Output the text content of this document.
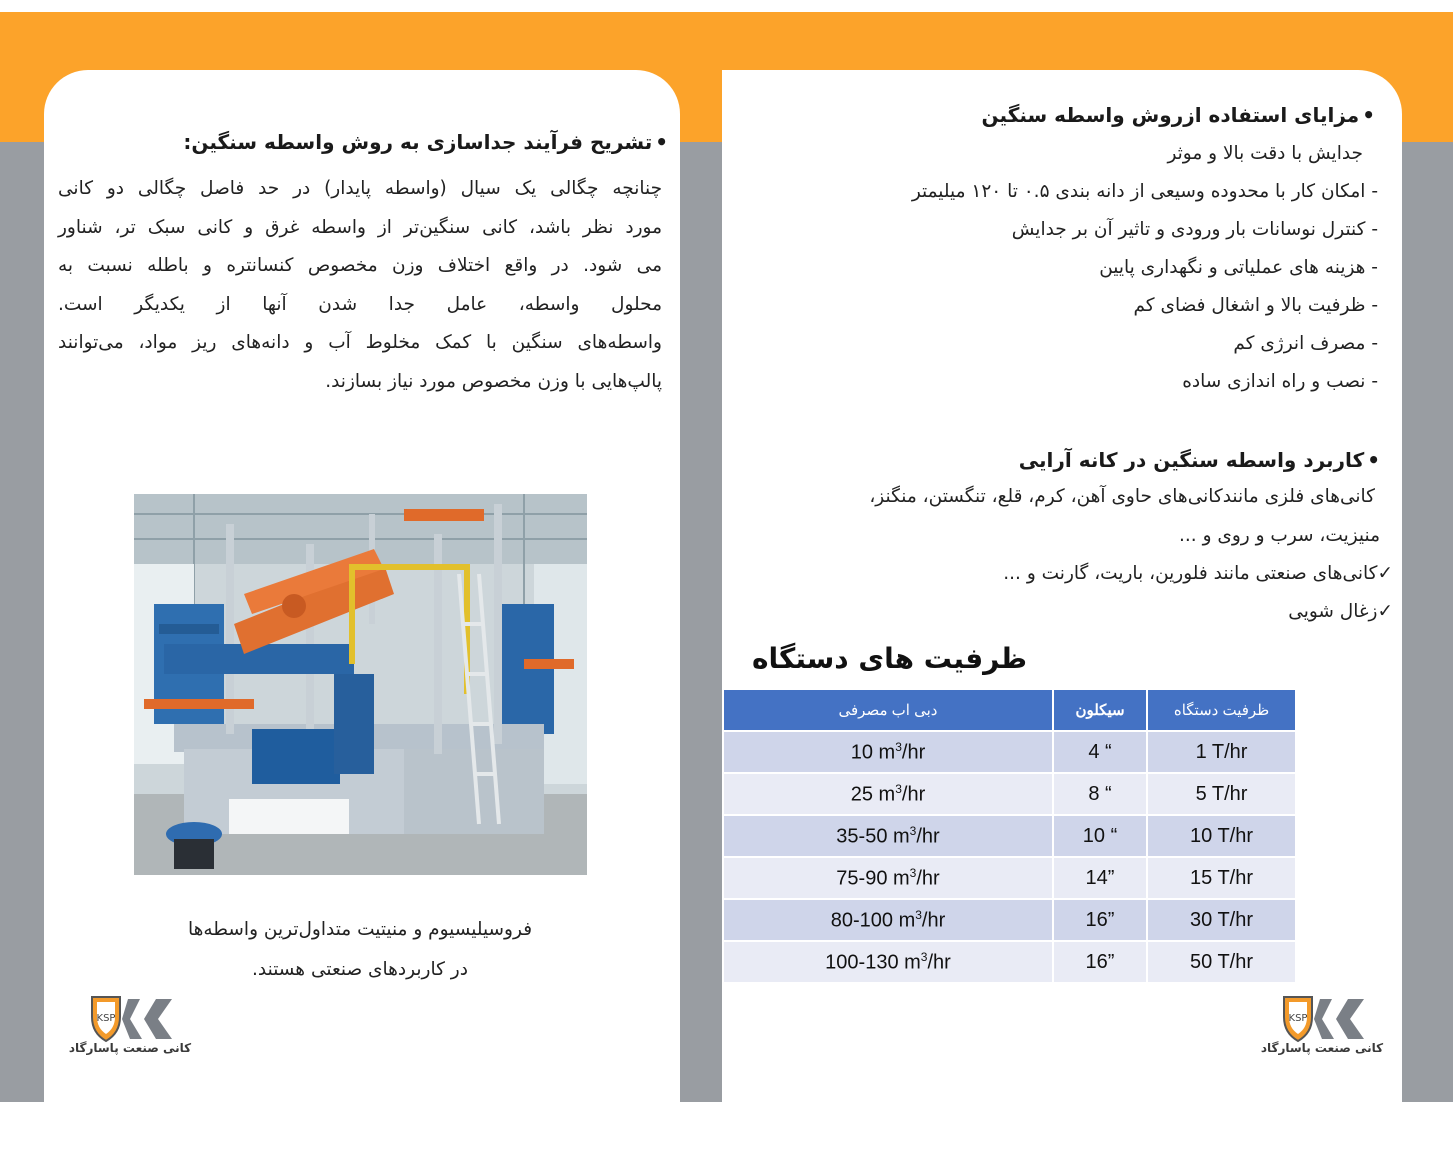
• تشریح فرآیند جداسازی به روش واسطه سنگین:
چنانچه چگالی یک سیال (واسطه پایدار) در حد فاصل چگالی دو کانی
مورد نظر باشد، کانی سنگین‌تر از واسطه غرق و کانی سبک تر، شناور
می شود. در واقع اختلاف وزن مخصوص کنسانتره و باطله نسبت به
محلول واسطه، عامل جدا شدن آنها از یکدیگر است.
واسطه‌های سنگین با کمک مخلوط آب و دانه‌های ریز مواد، می‌توانند
پالپ‌هایی با وزن مخصوص مورد نیاز بسازند.
فروسیلیسیوم و منیتیت متداول‌ترین واسطه‌ها
در کاربردهای صنعتی هستند.
KSP
کانی صنعت پاسارگاد
• مزایای استفاده ازروش واسطه سنگین
جدایش با دقت بالا و موثر
- امکان کار با محدوده وسیعی از دانه بندی ۰.۵ تا ۱۲۰ میلیمتر
- کنترل نوسانات بار ورودی و تاثیر آن بر جدایش
- هزینه های عملیاتی و نگهداری پایین
- ظرفیت بالا و اشغال فضای کم
- مصرف انرژی کم
- نصب و راه اندازی ساده
• کاربرد واسطه سنگین در کانه آرایی
کانی‌های فلزی مانندکانی‌های حاوی آهن، کرم، قلع، تنگستن، منگنز،
منیزیت، سرب و روی و ...
✓کانی‌های صنعتی مانند فلورین، باریت، گارنت و ...
✓زغال شویی
ظرفیت های دستگاه
دبی اب مصرفی	سیکلون	ظرفیت دستگاه
10 $m^3/hr$	4 “	1 T/hr
25 $m^3/hr$	8 “	5 T/hr
35-50 $m^3/hr$	10 “	10 T/hr
75-90 $m^3/hr$	14”	15 T/hr
80-100 $m^3/hr$	16”	30 T/hr
100-130 $m^3/hr$	16”	50 T/hr
KSP
کانی صنعت پاسارگاد
